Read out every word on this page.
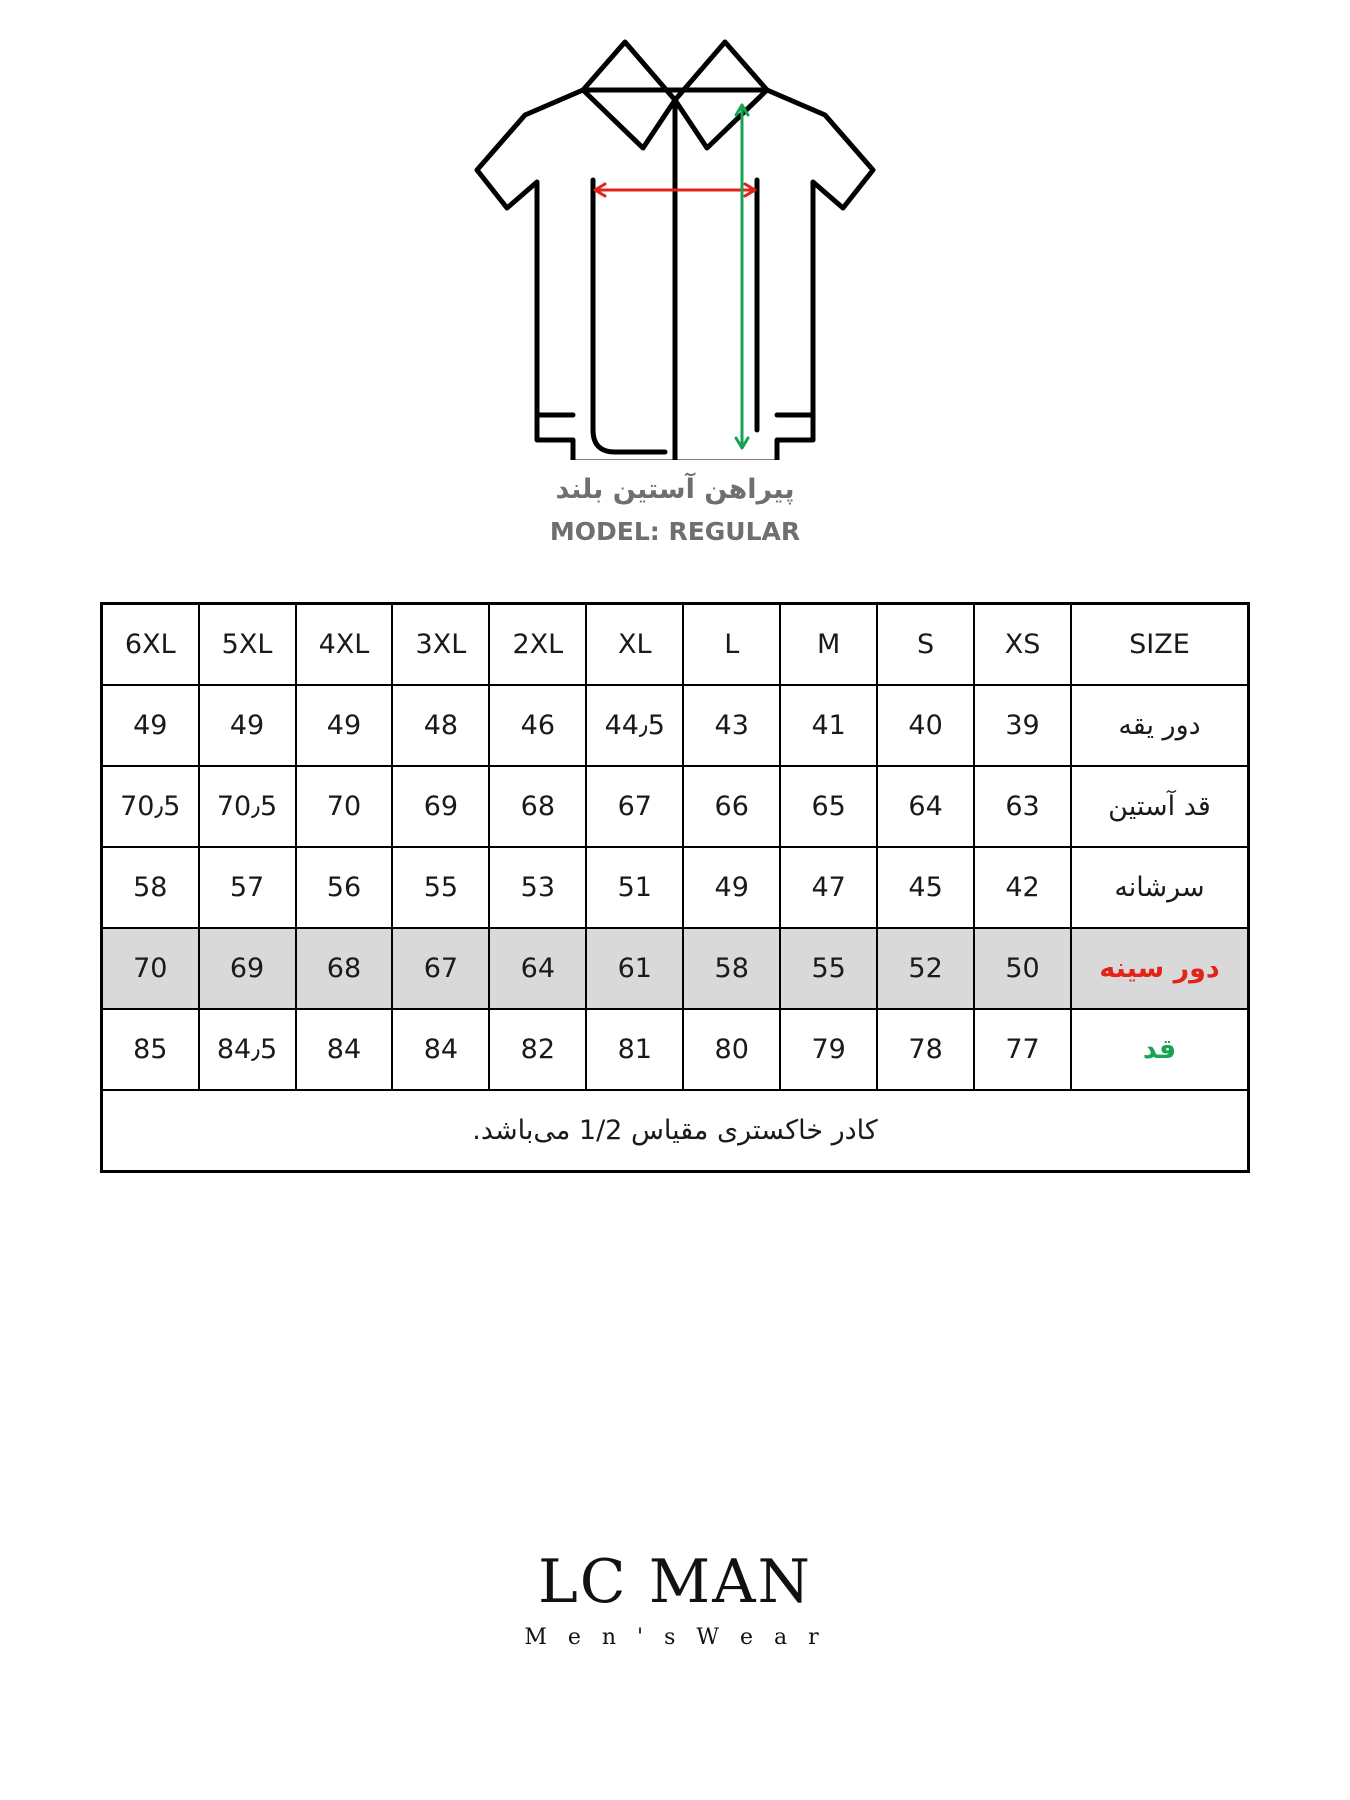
پیراهن آستین بلند
MODEL: REGULAR
SIZE	XS	S	M	L	XL	2XL	3XL	4XL	5XL	6XL
دور یقه	39	40	41	43	44٫5	46	48	49	49	49
قد آستین	63	64	65	66	67	68	69	70	70٫5	70٫5
سرشانه	42	45	47	49	51	53	55	56	57	58
دور سینه	50	52	55	58	61	64	67	68	69	70
قد	77	78	79	80	81	82	84	84	84٫5	85
کادر خاکستری مقیاس 1/2 می‌باشد.										
LC MAN
M e n ' s W e a r
